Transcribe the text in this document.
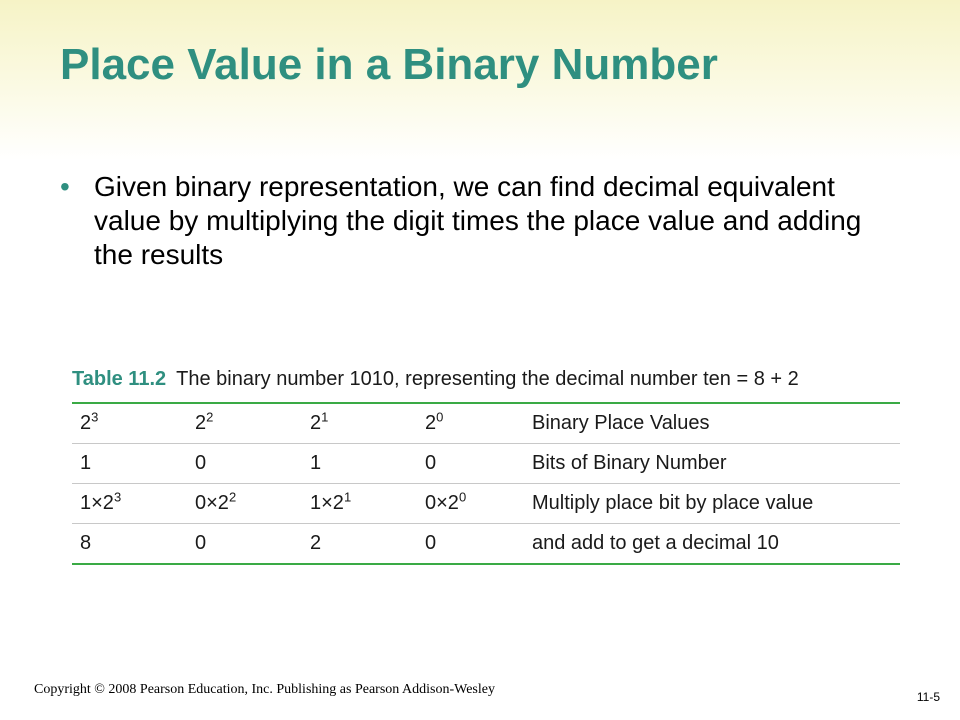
Place Value in a Binary Number
• Given binary representation, we can find decimal equivalent value by multiplying the digit times the place value and adding the results
Table 11.2 The binary number 1010, representing the decimal number ten = 8 + 2
$2^3$	$2^2$	$2^1$	$2^0$	Binary Place Values
1	0	1	0	Bits of Binary Number
$1\times 2^3$	$0\times 2^2$	$1\times 2^1$	$0\times 2^0$	Multiply place bit by place value
8	0	2	0	and add to get a decimal 10
Copyright © 2008 Pearson Education, Inc. Publishing as Pearson Addison-Wesley	11-5
